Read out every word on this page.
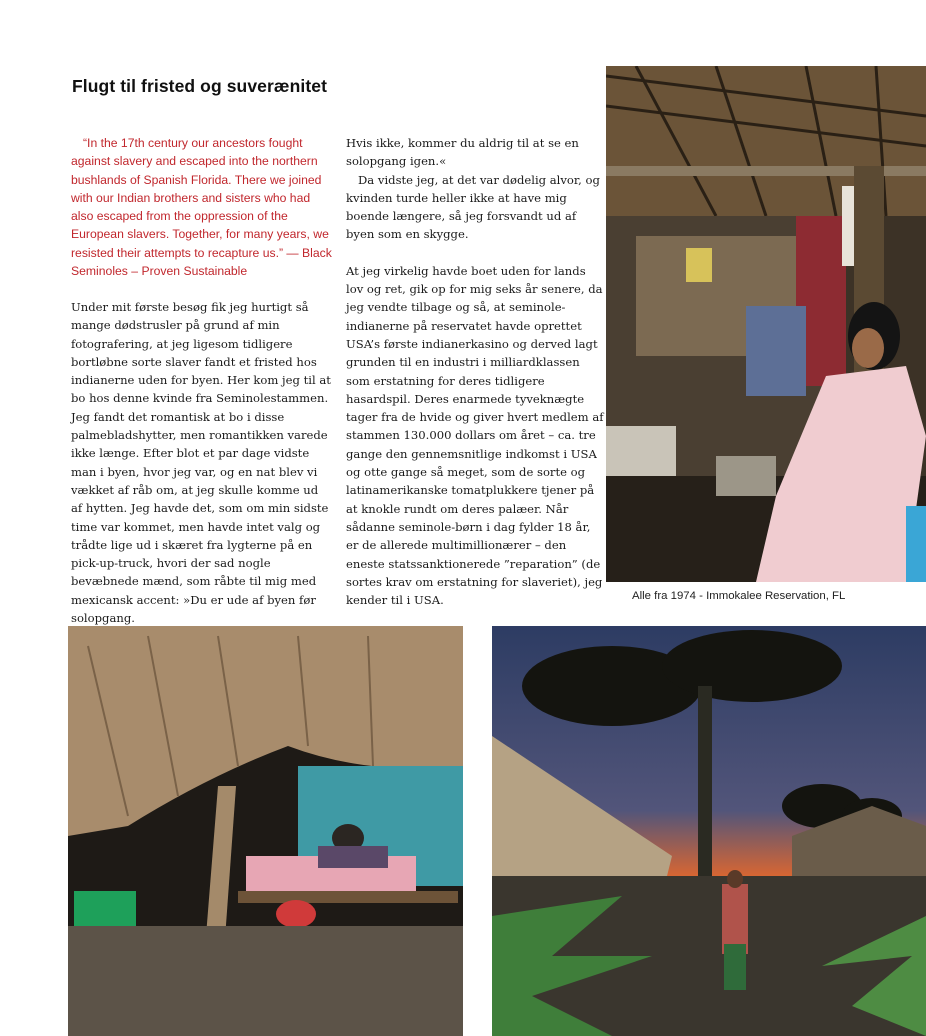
Flugt til fristed og suverænitet

“In the 17th century our ancestors fought against slavery and escaped into the northern bushlands of Spanish Florida. There we joined with our Indian brothers and sisters who had also escaped from the oppression of the European slavers. Together, for many years, we resisted their attempts to recapture us.” — Black Seminoles – Proven Sustainable

Under mit første besøg fik jeg hurtigt så mange dødstrusler på grund af min fotografering, at jeg ligesom tidligere bortløbne sorte slaver fandt et fristed hos indianerne uden for byen. Her kom jeg til at bo hos denne kvinde fra Seminolestammen. Jeg fandt det romantisk at bo i disse palmebladshytter, men romantikken varede ikke længe. Efter blot et par dage vidste man i byen, hvor jeg var, og en nat blev vi vækket af råb om, at jeg skulle komme ud af hytten. Jeg havde det, som om min sidste time var kommet, men havde intet valg og trådte lige ud i skæret fra lygterne på en pick-up-truck, hvori der sad nogle bevæbnede mænd, som råbte til mig med mexicansk accent: »Du er ude af byen før solopgang.

Hvis ikke, kommer du aldrig til at se en solopgang igen.«

Da vidste jeg, at det var dødelig alvor, og kvinden turde heller ikke at have mig boende længere, så jeg forsvandt ud af byen som en skygge.

At jeg virkelig havde boet uden for lands lov og ret, gik op for mig seks år senere, da jeg vendte tilbage og så, at seminole-indianerne på reservatet havde oprettet USA’s første indianerkasino og derved lagt grunden til en industri i milliardklassen som erstatning for deres tidligere hasardspil. Deres enarmede tyveknægte tager fra de hvide og giver hvert medlem af stammen 130.000 dollars om året – ca. tre gange den gennemsnitlige indkomst i USA og otte gange så meget, som de sorte og latinamerikanske tomatplukkere tjener på at knokle rundt om deres palæer. Når sådanne seminole-børn i dag fylder 18 år, er de allerede multimillionærer – den eneste statssanktionerede ”reparation” (de sortes krav om erstatning for slaveriet), jeg kender til i USA.	Alle fra 1974 - Immokalee Reservation, FL
